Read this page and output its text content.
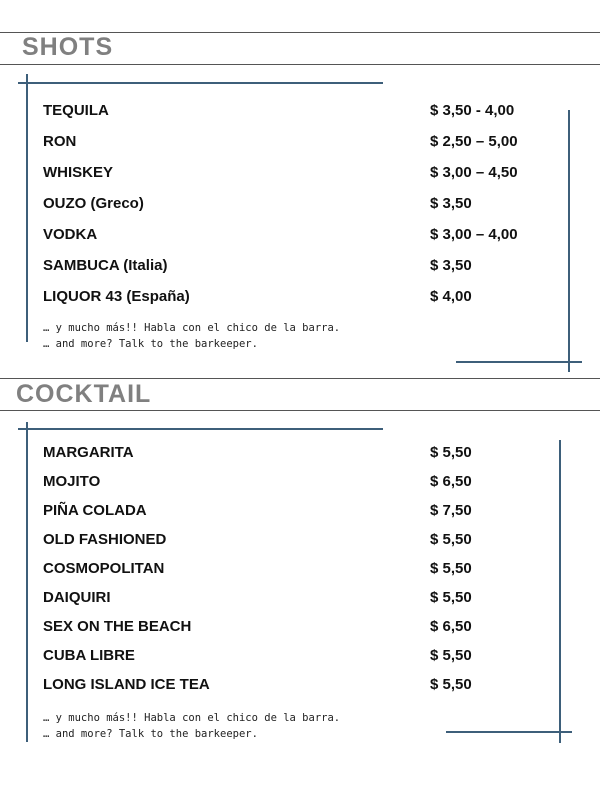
SHOTS
TEQUILA	$ 3,50 - 4,00
RON	$ 2,50 – 5,00
WHISKEY	$ 3,00 – 4,50
OUZO (Greco)	$ 3,50
VODKA	$ 3,00 – 4,00
SAMBUCA (Italia)	$ 3,50
LIQUOR 43 (España)	$ 4,00
… y mucho más!! Habla con el chico de la barra.
… and more? Talk to the barkeeper.
COCKTAIL
MARGARITA	$ 5,50
MOJITO	$ 6,50
PIÑA COLADA	$ 7,50
OLD FASHIONED	$ 5,50
COSMOPOLITAN	$ 5,50
DAIQUIRI	$ 5,50
SEX ON THE BEACH	$ 6,50
CUBA LIBRE	$ 5,50
LONG ISLAND ICE TEA	$ 5,50
… y mucho más!! Habla con el chico de la barra.
… and more? Talk to the barkeeper.
